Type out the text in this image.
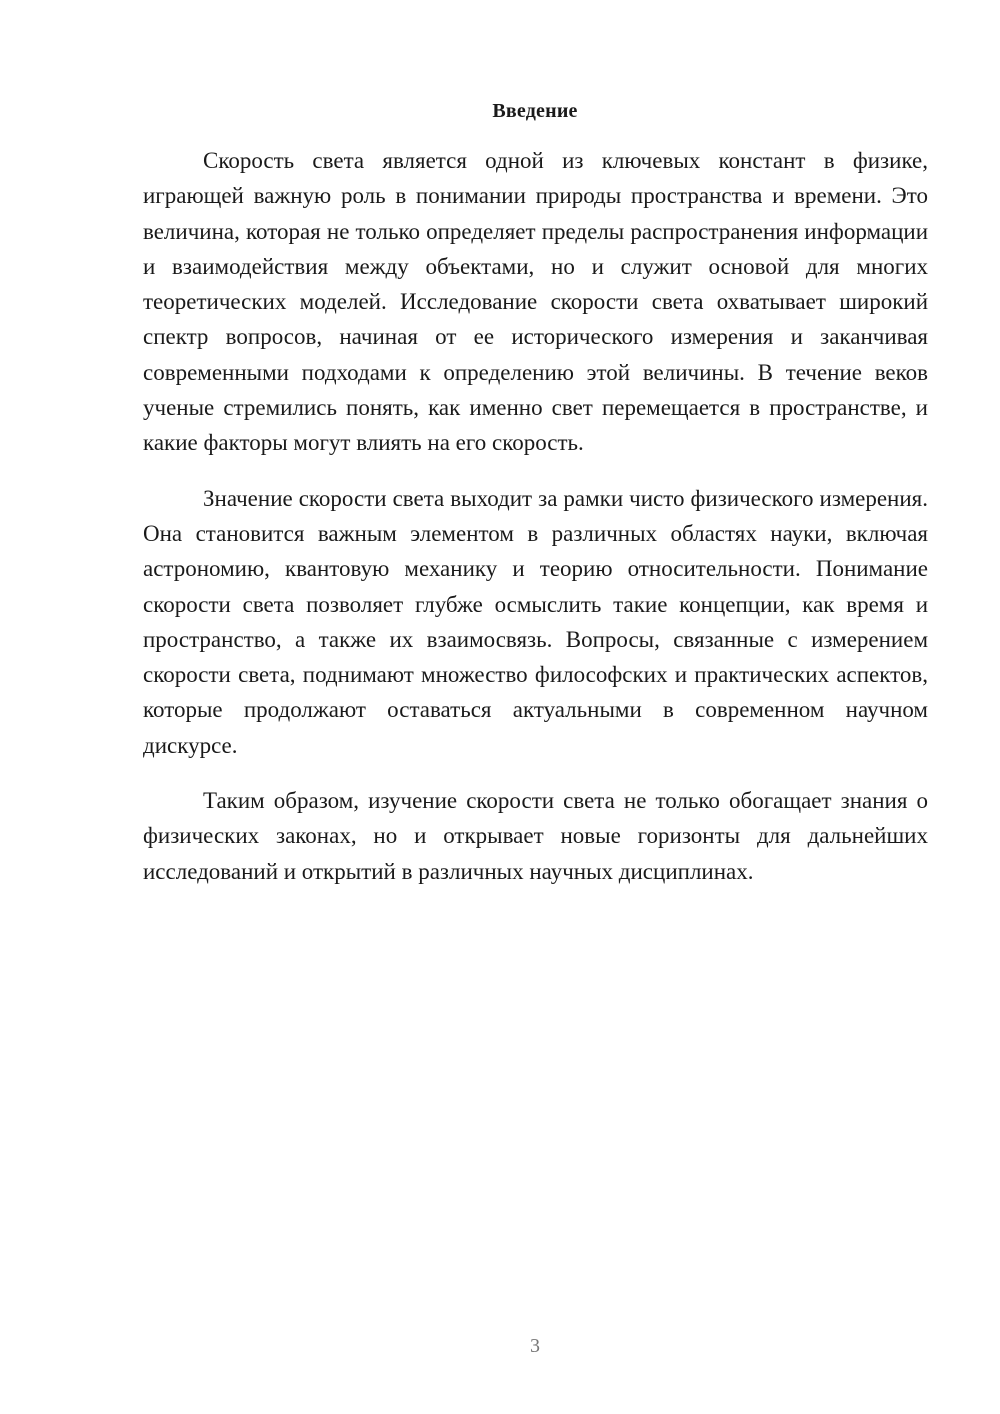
Введение

Скорость света является одной из ключевых констант в физике, играющей важную роль в понимании природы пространства и времени. Это величина, которая не только определяет пределы распространения информации и взаимодействия между объектами, но и служит основой для многих теоретических моделей. Исследование скорости света охватывает широкий спектр вопросов, начиная от ее исторического измерения и заканчивая современными подходами к определению этой величины. В течение веков ученые стремились понять, как именно свет перемещается в пространстве, и какие факторы могут влиять на его скорость.

Значение скорости света выходит за рамки чисто физического измерения. Она становится важным элементом в различных областях науки, включая астрономию, квантовую механику и теорию относительности. Понимание скорости света позволяет глубже осмыслить такие концепции, как время и пространство, а также их взаимосвязь. Вопросы, связанные с измерением скорости света, поднимают множество философских и практических аспектов, которые продолжают оставаться актуальными в современном научном дискурсе.

Таким образом, изучение скорости света не только обогащает знания о физических законах, но и открывает новые горизонты для дальнейших исследований и открытий в различных научных дисциплинах.

3
